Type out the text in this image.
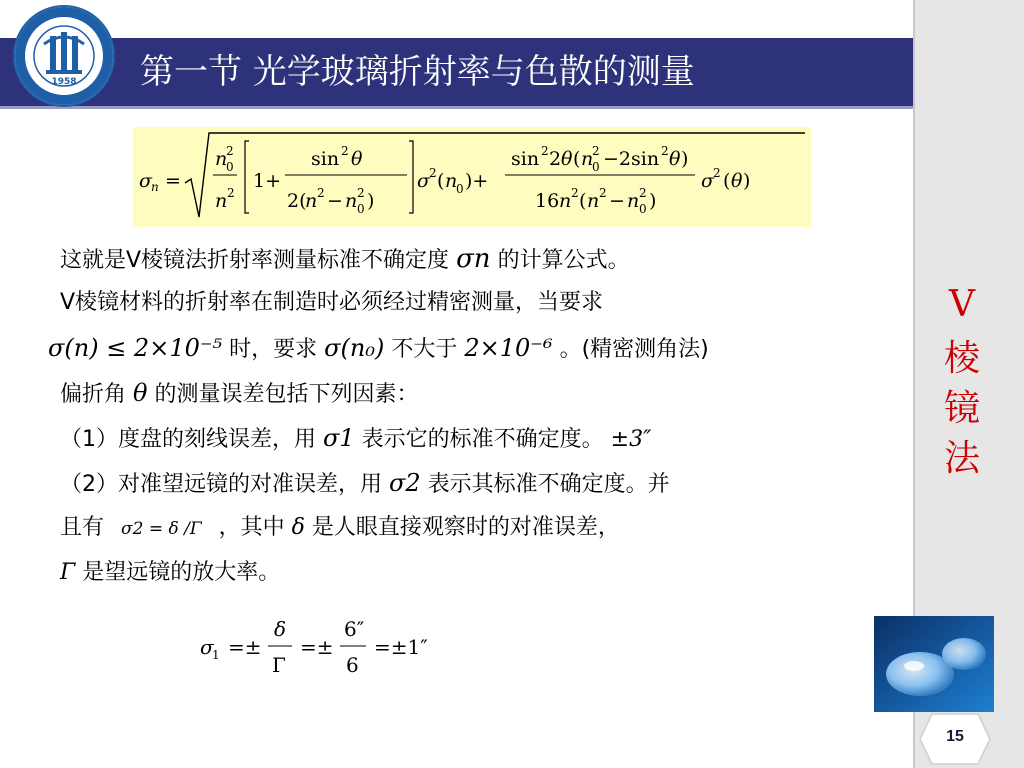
1958 第一节 光学玻璃折射率与色散的测量
σ n =
n
2
0
n 2
1+
sin 2 θ
2(
n 2 − n 2
0 )
σ 2 ( n
0 )+
sin 2 2 θ ( n
2
0 −2sin 2 θ )
16 n 2 ( n 2 − n 2
0 )
σ 2 ( θ )
这就是V棱镜法折射率测量标准不确定度 σn 的计算公式。
V棱镜材料的折射率在制造时必须经过精密测量，当要求
σ(n) ≤ 2×10⁻⁵ 时，要求 σ(n₀) 不大于 2×10⁻⁶ 。(精密测角法)
偏折角 θ 的测量误差包括下列因素：
（1）度盘的刻线误差，用 σ1 表示它的标准不确定度。 ±3″
（2）对准望远镜的对准误差，用 σ2 表示其标准不确定度。并
且有 σ2 = δ /Γ ，其中 δ 是人眼直接观察时的对准误差，
Γ 是望远镜的放大率。
σ
1 =±
δ
Γ
=±
6″
6
=±1″
V
棱
镜
法
15
